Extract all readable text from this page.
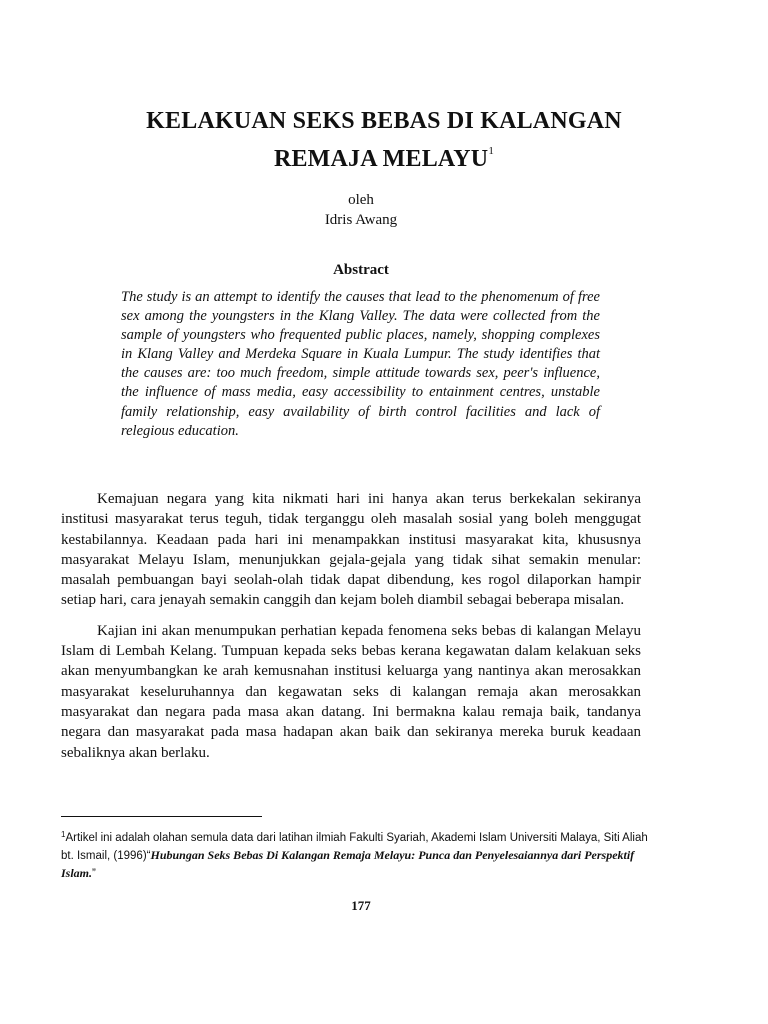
KELAKUAN SEKS BEBAS DI KALANGAN
REMAJA MELAYU$^1$
oleh
Idris Awang
Abstract

The study is an attempt to identify the causes that lead to the phenomenum of free sex among the youngsters in the Klang Valley. The data were collected from the sample of youngsters who frequented public places, namely, shopping complexes in Klang Valley and Merdeka Square in Kuala Lumpur. The study identifies that the causes are: too much freedom, simple attitude towards sex, peer's influence, the influence of mass media, easy accessibility to entainment centres, unstable family relationship, easy availability of birth control facilities and lack of relegious education.

Kemajuan negara yang kita nikmati hari ini hanya akan terus berkekalan sekiranya institusi masyarakat terus teguh, tidak terganggu oleh masalah sosial yang boleh menggugat kestabilannya. Keadaan pada hari ini menampakkan institusi masyarakat kita, khususnya masyarakat Melayu Islam, menunjukkan gejala-gejala yang tidak sihat semakin menular: masalah pembuangan bayi seolah-olah tidak dapat dibendung, kes rogol dilaporkan hampir setiap hari, cara jenayah semakin canggih dan kejam boleh diambil sebagai beberapa misalan.

Kajian ini akan menumpukan perhatian kepada fenomena seks bebas di kalangan Melayu Islam di Lembah Kelang. Tumpuan kepada seks bebas kerana kegawatan dalam kelakuan seks akan menyumbangkan ke arah kemusnahan institusi keluarga yang nantinya akan merosakkan masyarakat keseluruhannya dan kegawatan seks di kalangan remaja akan merosakkan masyarakat dan negara pada masa akan datang. Ini bermakna kalau remaja baik, tandanya negara dan masyarakat pada masa hadapan akan baik dan sekiranya mereka buruk keadaan sebaliknya akan berlaku.

$^1$Artikel ini adalah olahan semula data dari latihan ilmiah Fakulti Syariah, Akademi Islam Universiti Malaya, Siti Aliah bt. Ismail, (1996)“Hubungan Seks Bebas Di Kalangan Remaja Melayu: Punca dan Penyelesaiannya dari Perspektif Islam.”

177
